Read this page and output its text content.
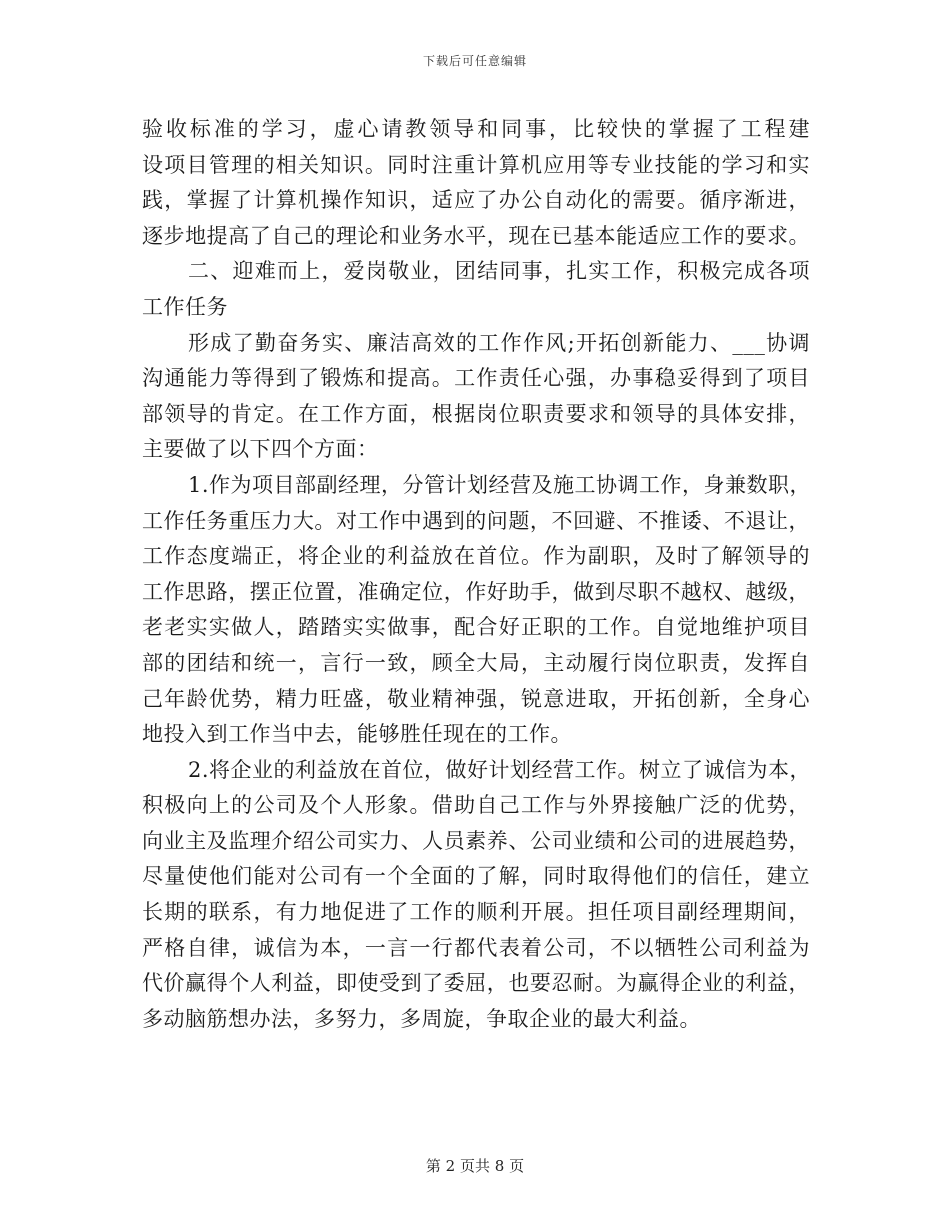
下载后可任意编辑
验收标准的学习，虚心请教领导和同事，比较快的掌握了工程建
设项目管理的相关知识。同时注重计算机应用等专业技能的学习和实
践，掌握了计算机操作知识，适应了办公自动化的需要。循序渐进，
逐步地提高了自己的理论和业务水平，现在已基本能适应工作的要求。
二、迎难而上，爱岗敬业，团结同事，扎实工作，积极完成各项
工作任务
形成了勤奋务实、廉洁高效的工作作风;开拓创新能力、___协调
沟通能力等得到了锻炼和提高。工作责任心强，办事稳妥得到了项目
部领导的肯定。在工作方面，根据岗位职责要求和领导的具体安排，
主要做了以下四个方面：
1.作为项目部副经理，分管计划经营及施工协调工作，身兼数职，
工作任务重压力大。对工作中遇到的问题，不回避、不推诿、不退让，
工作态度端正，将企业的利益放在首位。作为副职，及时了解领导的
工作思路，摆正位置，准确定位，作好助手，做到尽职不越权、越级，
老老实实做人，踏踏实实做事，配合好正职的工作。自觉地维护项目
部的团结和统一，言行一致，顾全大局，主动履行岗位职责，发挥自
己年龄优势，精力旺盛，敬业精神强，锐意进取，开拓创新，全身心
地投入到工作当中去，能够胜任现在的工作。
2.将企业的利益放在首位，做好计划经营工作。树立了诚信为本，
积极向上的公司及个人形象。借助自己工作与外界接触广泛的优势，
向业主及监理介绍公司实力、人员素养、公司业绩和公司的进展趋势，
尽量使他们能对公司有一个全面的了解，同时取得他们的信任，建立
长期的联系，有力地促进了工作的顺利开展。担任项目副经理期间，
严格自律，诚信为本，一言一行都代表着公司，不以牺牲公司利益为
代价赢得个人利益，即使受到了委屈，也要忍耐。为赢得企业的利益，
多动脑筋想办法，多努力，多周旋，争取企业的最大利益。
第 2 页共 8 页
